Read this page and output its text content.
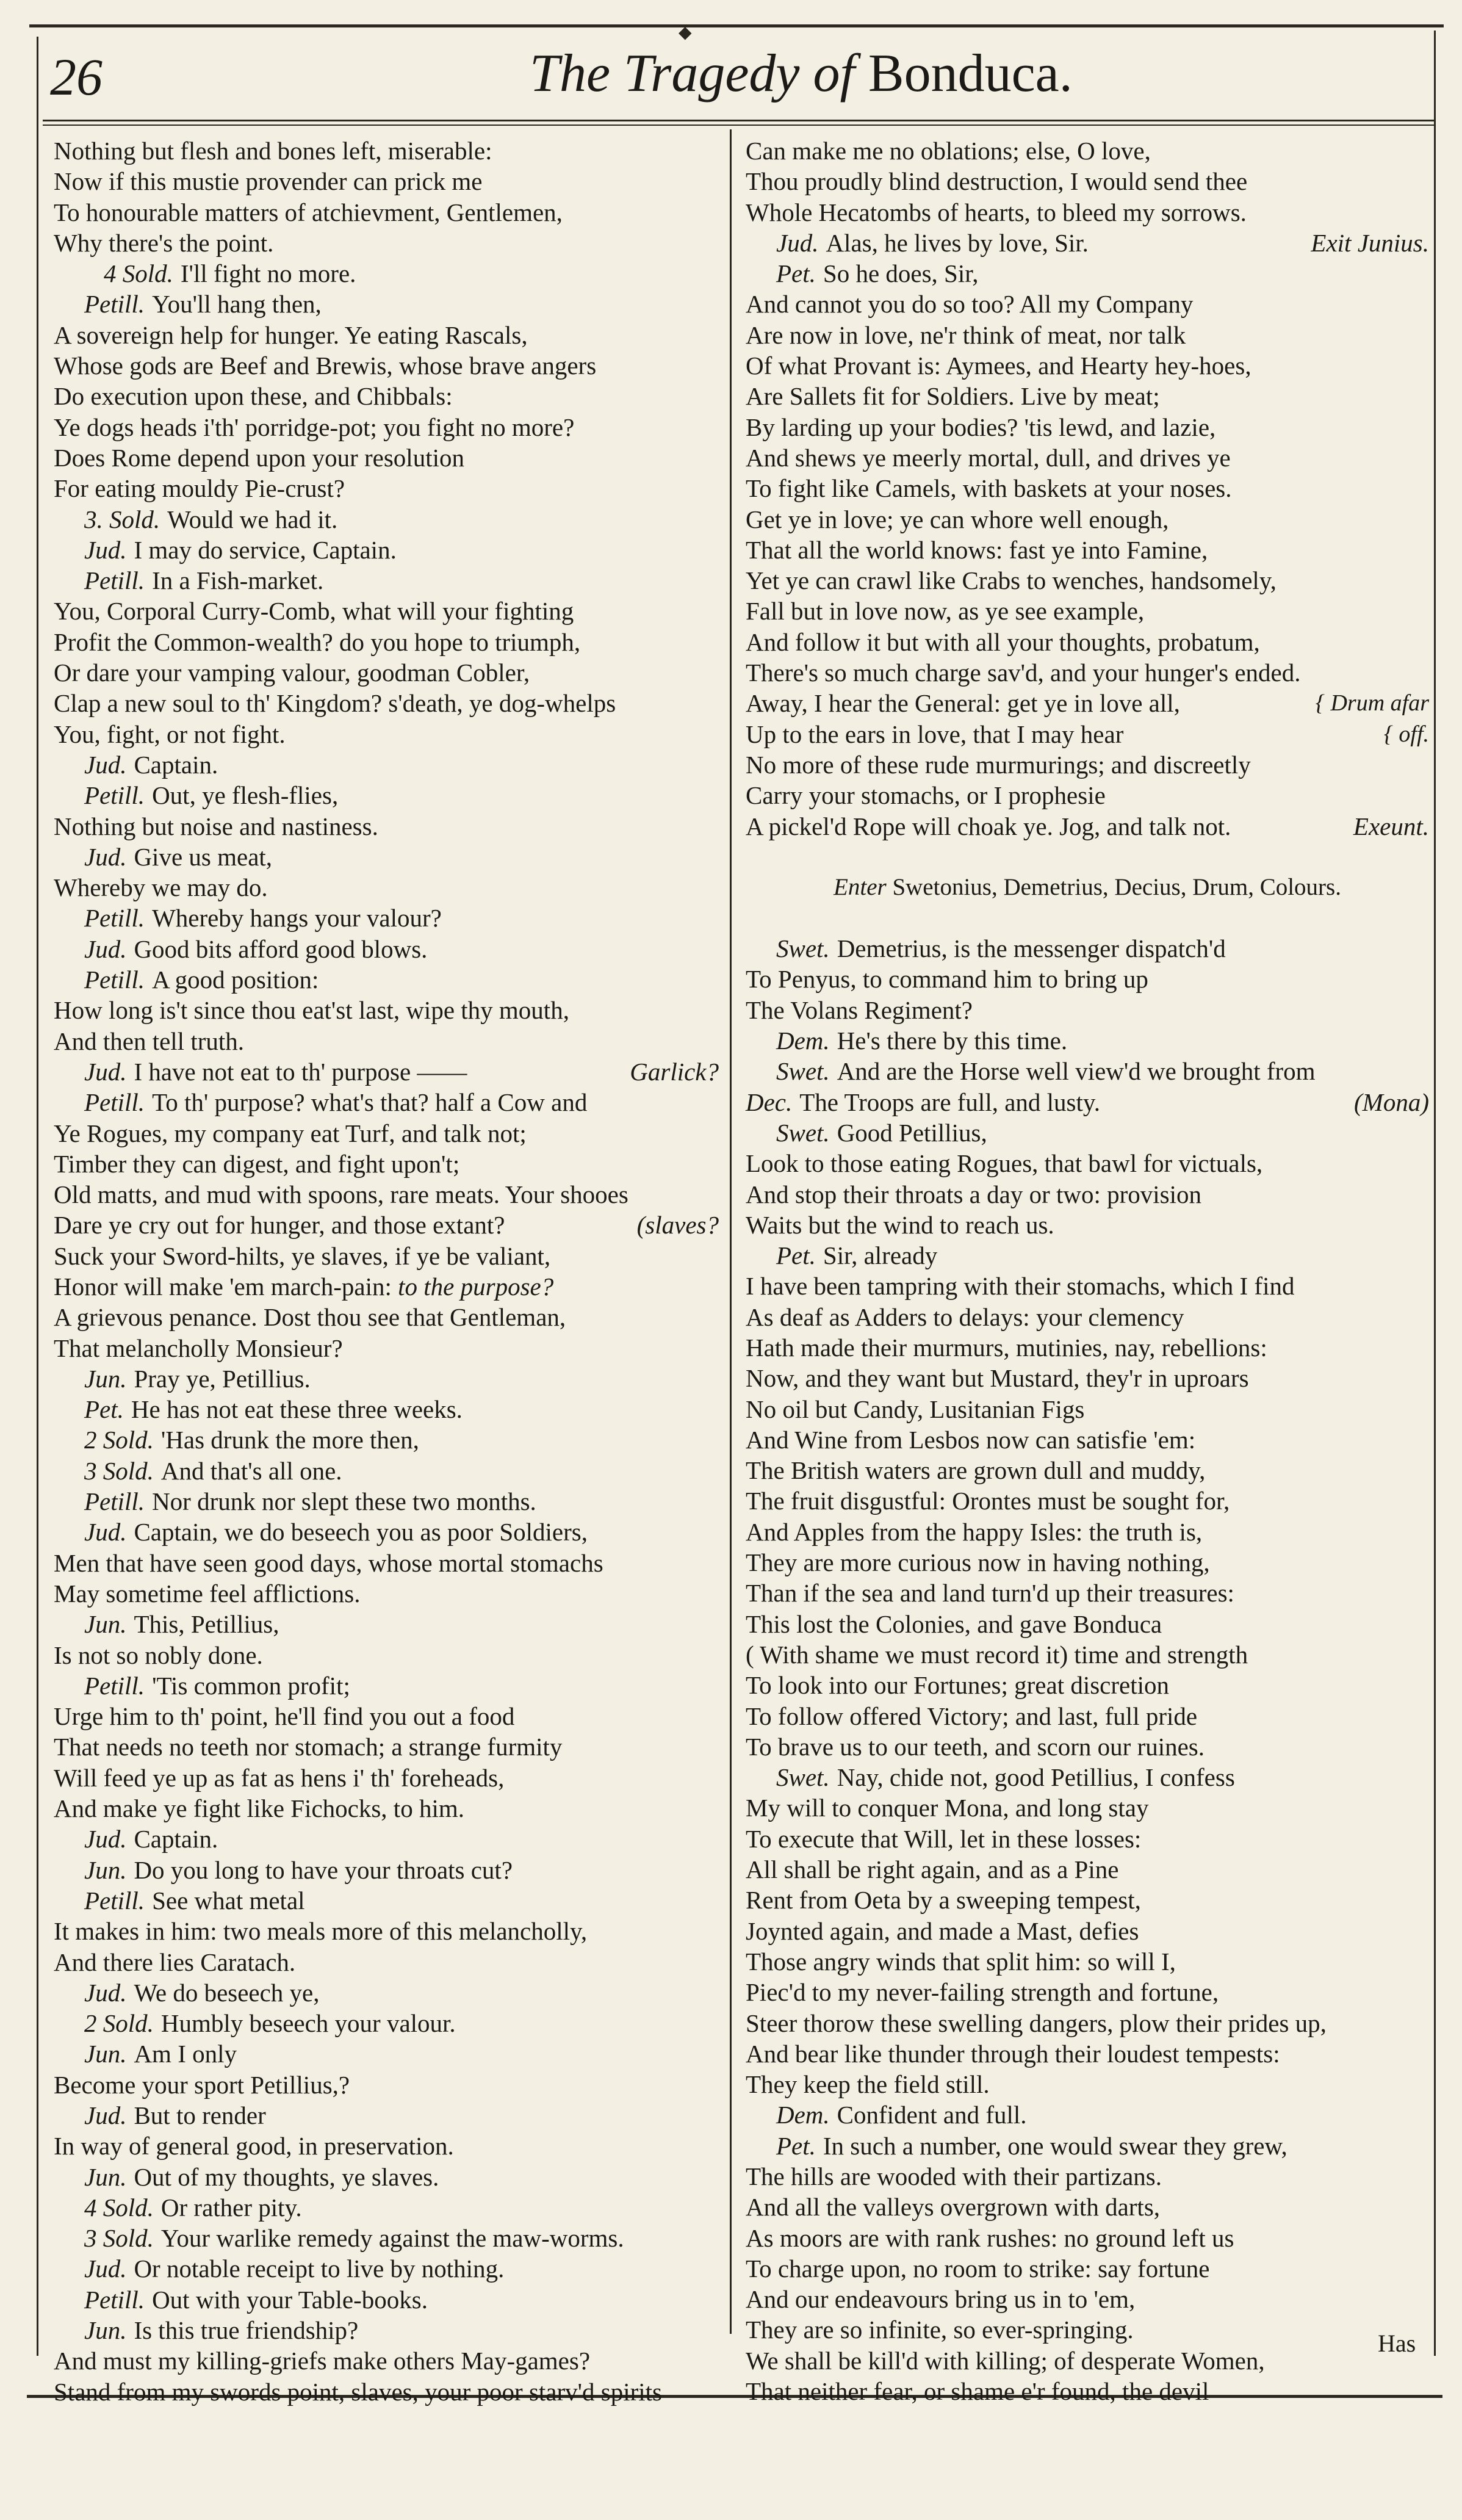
◆
26	The Tragedy of Bonduca.
Nothing but flesh and bones left, miserable:
Now if this mustie provender can prick me
To honourable matters of atchievment, Gentlemen,
Why there's the point.
4 Sold. I'll fight no more.
Petill. You'll hang then,
A sovereign help for hunger. Ye eating Rascals,
Whose gods are Beef and Brewis, whose brave angers
Do execution upon these, and Chibbals:
Ye dogs heads i'th' porridge-pot; you fight no more?
Does Rome depend upon your resolution
For eating mouldy Pie-crust?
3. Sold. Would we had it.
Jud. I may do service, Captain.
Petill. In a Fish-market.
You, Corporal Curry-Comb, what will your fighting
Profit the Common-wealth? do you hope to triumph,
Or dare your vamping valour, goodman Cobler,
Clap a new soul to th' Kingdom? s'death, ye dog-whelps
You, fight, or not fight.
Jud. Captain.
Petill. Out, ye flesh-flies,
Nothing but noise and nastiness.
Jud. Give us meat,
Whereby we may do.
Petill. Whereby hangs your valour?
Jud. Good bits afford good blows.
Petill. A good position:
How long is't since thou eat'st last, wipe thy mouth,
And then tell truth.
Jud. I have not eat to th' purpose ——	Garlick?
Petill. To th' purpose? what's that? half a Cow and
Ye Rogues, my company eat Turf, and talk not;
Timber they can digest, and fight upon't;
Old matts, and mud with spoons, rare meats. Your shooes
Dare ye cry out for hunger, and those extant?	(slaves?
Suck your Sword-hilts, ye slaves, if ye be valiant,
Honor will make 'em march-pain: to the purpose?
A grievous penance. Dost thou see that Gentleman,
That melancholly Monsieur?
Jun. Pray ye, Petillius.
Pet. He has not eat these three weeks.
2 Sold. 'Has drunk the more then,
3 Sold. And that's all one.
Petill. Nor drunk nor slept these two months.
Jud. Captain, we do beseech you as poor Soldiers,
Men that have seen good days, whose mortal stomachs
May sometime feel afflictions.
Jun. This, Petillius,
Is not so nobly done.
Petill. 'Tis common profit;
Urge him to th' point, he'll find you out a food
That needs no teeth nor stomach; a strange furmity
Will feed ye up as fat as hens i' th' foreheads,
And make ye fight like Fichocks, to him.
Jud. Captain.
Jun. Do you long to have your throats cut?
Petill. See what metal
It makes in him: two meals more of this melancholly,
And there lies Caratach.
Jud. We do beseech ye,
2 Sold. Humbly beseech your valour.
Jun. Am I only
Become your sport Petillius,?
Jud. But to render
In way of general good, in preservation.
Jun. Out of my thoughts, ye slaves.
4 Sold. Or rather pity.
3 Sold. Your warlike remedy against the maw-worms.
Jud. Or notable receipt to live by nothing.
Petill. Out with your Table-books.
Jun. Is this true friendship?
And must my killing-griefs make others May-games?
Stand from my swords point, slaves, your poor starv'd spirits
Can make me no oblations; else, O love,
Thou proudly blind destruction, I would send thee
Whole Hecatombs of hearts, to bleed my sorrows.
Jud. Alas, he lives by love, Sir.	Exit Junius.
Pet. So he does, Sir,
And cannot you do so too? All my Company
Are now in love, ne'r think of meat, nor talk
Of what Provant is: Aymees, and Hearty hey-hoes,
Are Sallets fit for Soldiers. Live by meat;
By larding up your bodies? 'tis lewd, and lazie,
And shews ye meerly mortal, dull, and drives ye
To fight like Camels, with baskets at your noses.
Get ye in love; ye can whore well enough,
That all the world knows: fast ye into Famine,
Yet ye can crawl like Crabs to wenches, handsomely,
Fall but in love now, as ye see example,
And follow it but with all your thoughts, probatum,
There's so much charge sav'd, and your hunger's ended.
Away, I hear the General: get ye in love all,	{ Drum afar
Up to the ears in love, that I may hear	{ off.
No more of these rude murmurings; and discreetly
Carry your stomachs, or I prophesie
A pickel'd Rope will choak ye. Jog, and talk not.	Exeunt.
Enter Swetonius, Demetrius, Decius, Drum, Colours.
Swet. Demetrius, is the messenger dispatch'd
To Penyus, to command him to bring up
The Volans Regiment?
Dem. He's there by this time.
Swet. And are the Horse well view'd we brought from
Dec. The Troops are full, and lusty.	(Mona)
Swet. Good Petillius,
Look to those eating Rogues, that bawl for victuals,
And stop their throats a day or two: provision
Waits but the wind to reach us.
Pet. Sir, already
I have been tampring with their stomachs, which I find
As deaf as Adders to delays: your clemency
Hath made their murmurs, mutinies, nay, rebellions:
Now, and they want but Mustard, they'r in uproars
No oil but Candy, Lusitanian Figs
And Wine from Lesbos now can satisfie 'em:
The British waters are grown dull and muddy,
The fruit disgustful: Orontes must be sought for,
And Apples from the happy Isles: the truth is,
They are more curious now in having nothing,
Than if the sea and land turn'd up their treasures:
This lost the Colonies, and gave Bonduca
( With shame we must record it) time and strength
To look into our Fortunes; great discretion
To follow offered Victory; and last, full pride
To brave us to our teeth, and scorn our ruines.
Swet. Nay, chide not, good Petillius, I confess
My will to conquer Mona, and long stay
To execute that Will, let in these losses:
All shall be right again, and as a Pine
Rent from Oeta by a sweeping tempest,
Joynted again, and made a Mast, defies
Those angry winds that split him: so will I,
Piec'd to my never-failing strength and fortune,
Steer thorow these swelling dangers, plow their prides up,
And bear like thunder through their loudest tempests:
They keep the field still.
Dem. Confident and full.
Pet. In such a number, one would swear they grew,
The hills are wooded with their partizans.
And all the valleys overgrown with darts,
As moors are with rank rushes: no ground left us
To charge upon, no room to strike: say fortune
And our endeavours bring us in to 'em,
They are so infinite, so ever-springing.
We shall be kill'd with killing; of desperate Women,
That neither fear, or shame e'r found, the devil
Has
